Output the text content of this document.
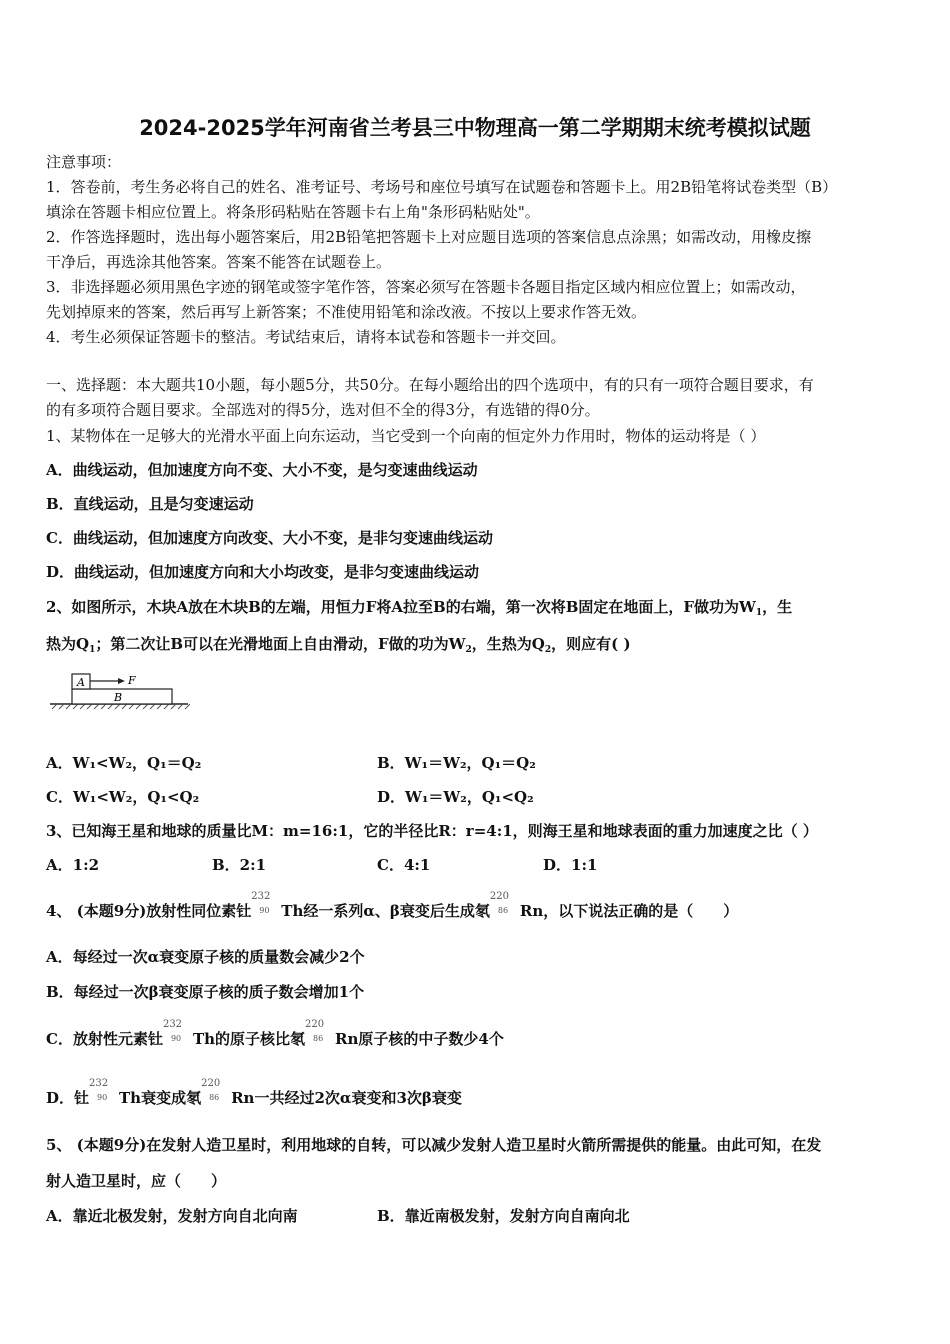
2024-2025学年河南省兰考县三中物理高一第二学期期末统考模拟试题
注意事项：
1．答卷前，考生务必将自己的姓名、准考证号、考场号和座位号填写在试题卷和答题卡上。用2B铅笔将试卷类型（B）
填涂在答题卡相应位置上。将条形码粘贴在答题卡右上角"条形码粘贴处"。
2．作答选择题时，选出每小题答案后，用2B铅笔把答题卡上对应题目选项的答案信息点涂黑；如需改动，用橡皮擦
干净后，再选涂其他答案。答案不能答在试题卷上。
3．非选择题必须用黑色字迹的钢笔或签字笔作答，答案必须写在答题卡各题目指定区域内相应位置上；如需改动，
先划掉原来的答案，然后再写上新答案；不准使用铅笔和涂改液。不按以上要求作答无效。
4．考生必须保证答题卡的整洁。考试结束后，请将本试卷和答题卡一并交回。
一、选择题：本大题共10小题，每小题5分，共50分。在每小题给出的四个选项中，有的只有一项符合题目要求，有
的有多项符合题目要求。全部选对的得5分，选对但不全的得3分，有选错的得0分。
1、某物体在一足够大的光滑水平面上向东运动，当它受到一个向南的恒定外力作用时，物体的运动将是（ ）
A．曲线运动，但加速度方向不变、大小不变，是匀变速曲线运动
B．直线运动，且是匀变速运动
C．曲线运动，但加速度方向改变、大小不变，是非匀变速曲线运动
D．曲线运动，但加速度方向和大小均改变，是非匀变速曲线运动
2、如图所示，木块A放在木块B的左端，用恒力F将A拉至B的右端，第一次将B固定在地面上，F做功为$W_1$，生
热为$Q_1$；第二次让B可以在光滑地面上自由滑动，F做的功为$W_2$，生热为$Q_2$，则应有( )
A	F
B
A．W₁<W₂，Q₁＝Q₂	B．W₁＝W₂，Q₁＝Q₂
C．W₁<W₂，Q₁<Q₂	D．W₁＝W₂，Q₁<Q₂
3、已知海王星和地球的质量比M：m=16:1，它的半径比R：r=4:1，则海王星和地球表面的重力加速度之比（ ）
A．1:2	B．2:1	C．4:1	D．1:1
4、 (本题9分)放射性同位素钍
232
90 Th经一系列α、β衰变后生成氡
220
86 Rn，以下说法正确的是（　　）
A．每经过一次α衰变原子核的质量数会减少2个
B．每经过一次β衰变原子核的质子数会增加1个
C．放射性元素钍
232
90 Th的原子核比氡
220
86 Rn原子核的中子数少4个
D．钍
232
90 Th衰变成氡
220
86 Rn一共经过2次α衰变和3次β衰变
5、 (本题9分)在发射人造卫星时，利用地球的自转，可以减少发射人造卫星时火箭所需提供的能量。由此可知，在发
射人造卫星时，应（　　）
A．靠近北极发射，发射方向自北向南	B．靠近南极发射，发射方向自南向北
